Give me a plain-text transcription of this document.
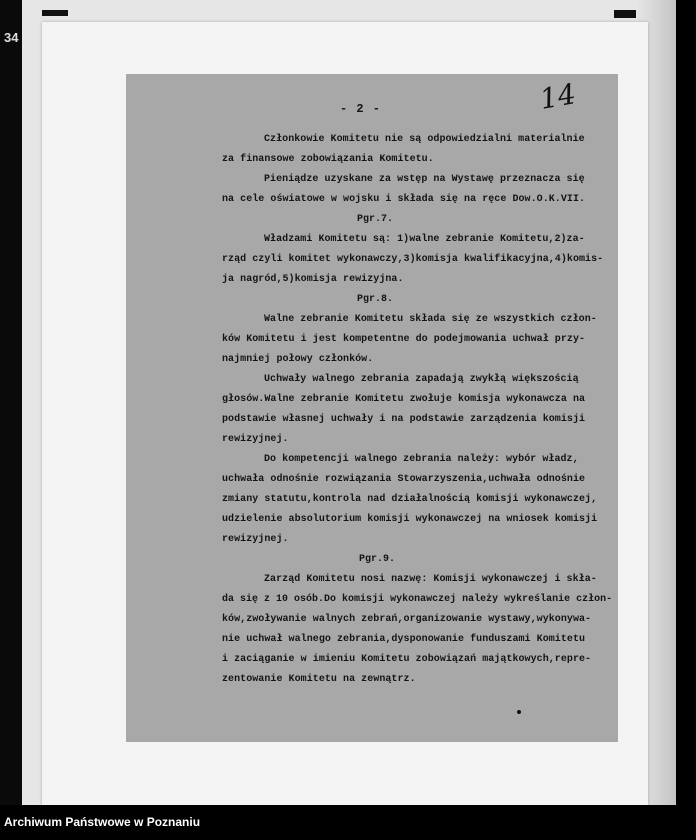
34
- 2 -	14
Członkowie Komitetu nie są odpowiedzialni materialnie
za finansowe zobowiązania Komitetu.
Pieniądze uzyskane za wstęp na Wystawę przeznacza się
na cele oświatowe w wojsku i składa się na ręce Dow.O.K.VII.
Pgr.7.
Władzami Komitetu są: 1)walne zebranie Komitetu,2)za-
rząd czyli komitet wykonawczy,3)komisja kwalifikacyjna,4)komis-
ja nagród,5)komisja rewizyjna.
Pgr.8.
Walne zebranie Komitetu składa się ze wszystkich człon-
ków Komitetu i jest kompetentne do podejmowania uchwał przy-
najmniej połowy członków.
Uchwały walnego zebrania zapadają zwykłą większością
głosów.Walne zebranie Komitetu zwołuje komisja wykonawcza na
podstawie własnej uchwały i na podstawie zarządzenia komisji
rewizyjnej.
Do kompetencji walnego zebrania należy: wybór władz,
uchwała odnośnie rozwiązania Stowarzyszenia,uchwała odnośnie
zmiany statutu,kontrola nad działalnością komisji wykonawczej,
udzielenie absolutorium komisji wykonawczej na wniosek komisji
rewizyjnej.
Pgr.9.
Zarząd Komitetu nosi nazwę: Komisji wykonawczej i skła-
da się z 10 osób.Do komisji wykonawczej należy wykreślanie człon-
ków,zwoływanie walnych zebrań,organizowanie wystawy,wykonywa-
nie uchwał walnego zebrania,dysponowanie funduszami Komitetu
i zaciąganie w imieniu Komitetu zobowiązań majątkowych,repre-
zentowanie Komitetu na zewnątrz.
Archiwum Państwowe w Poznaniu
